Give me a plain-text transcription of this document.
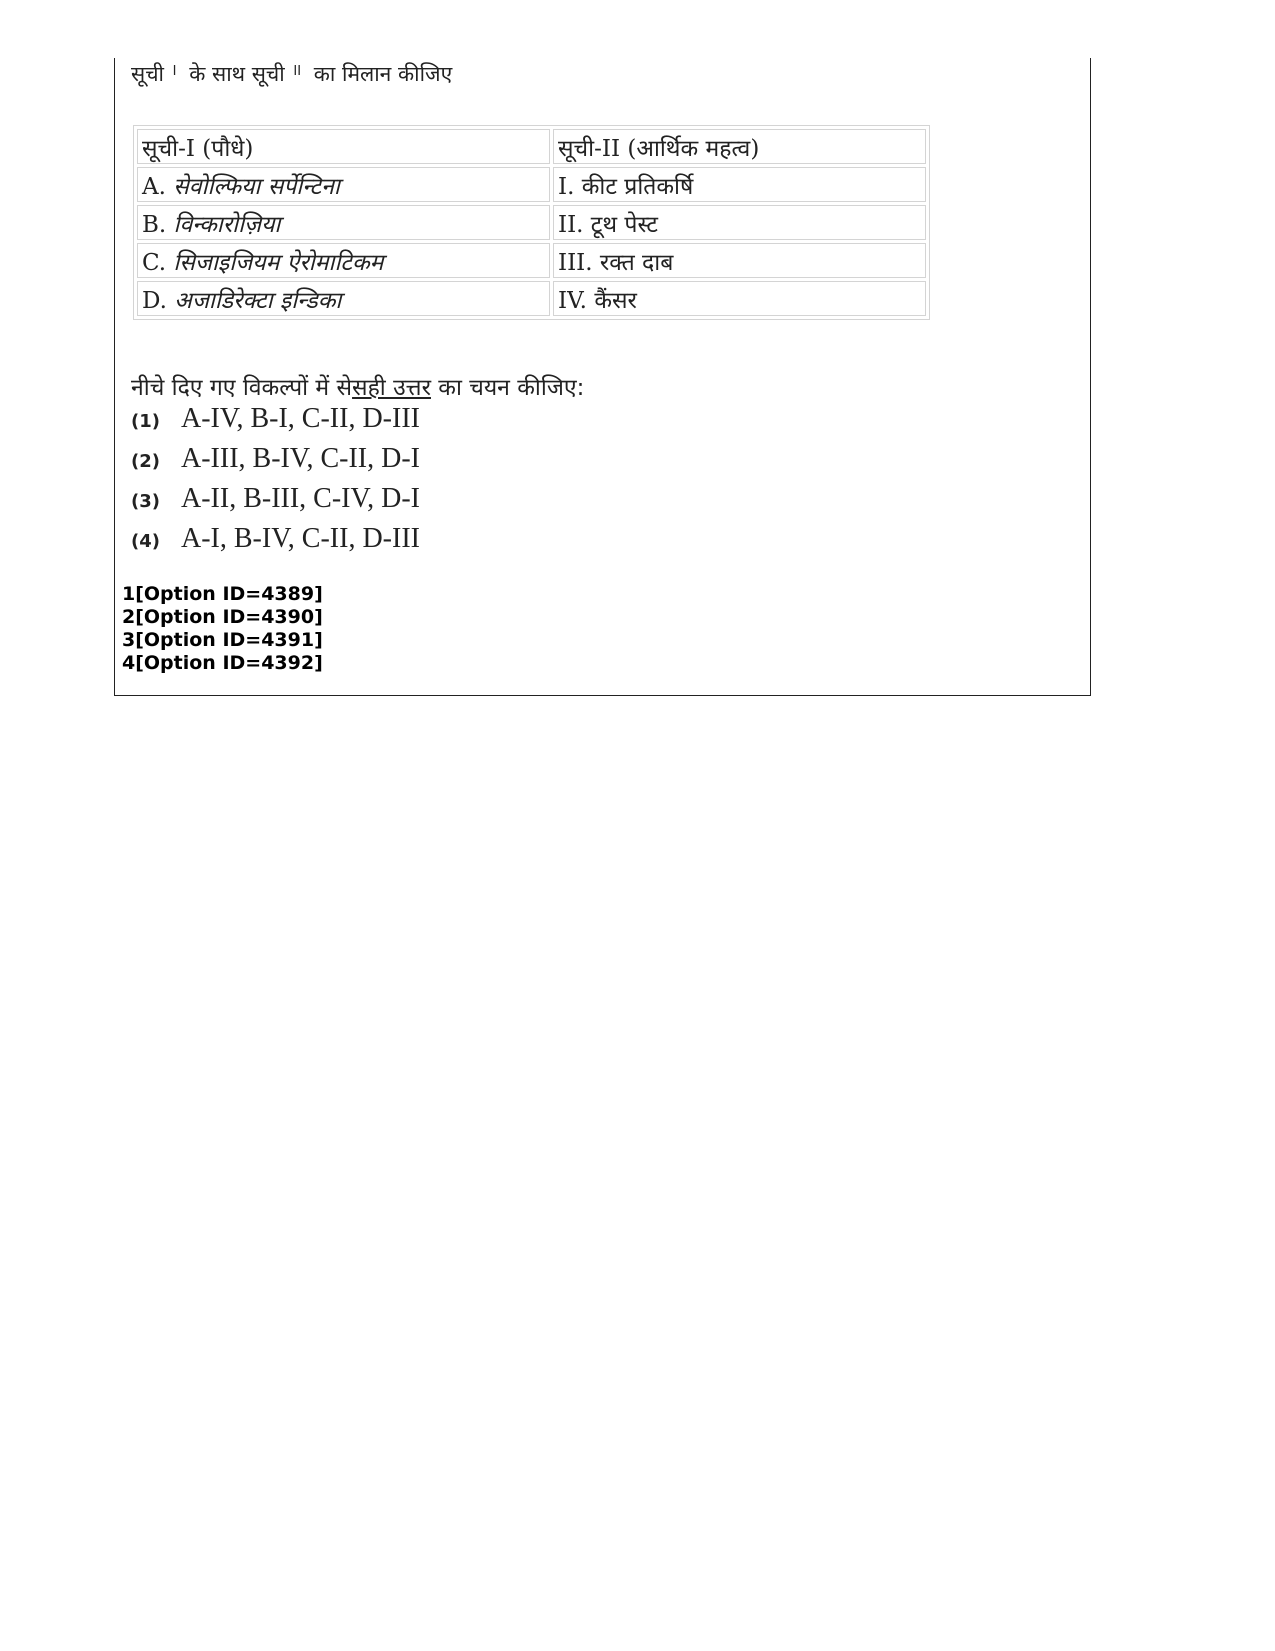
सूची $^I$ के साथ सूची $^{II}$ का मिलान कीजिए
सूची-I (पौधे)	सूची-II (आर्थिक महत्व)
A. सेवोल्फिया सर्पेन्टिना	I. कीट प्रतिकर्षि
B. विन्कारोज़िया	II. टूथ पेस्ट
C. सिजाइजियम ऐरोमाटिकम	III. रक्त दाब
D. अजाडिरेक्टा इन्डिका	IV. कैंसर
नीचे दिए गए विकल्पों में सेसही उत्तर का चयन कीजिए:
(1) A-IV, B-I, C-II, D-III
(2) A-III, B-IV, C-II, D-I
(3) A-II, B-III, C-IV, D-I
(4) A-I, B-IV, C-II, D-III
1[Option ID=4389]
2[Option ID=4390]
3[Option ID=4391]
4[Option ID=4392]
